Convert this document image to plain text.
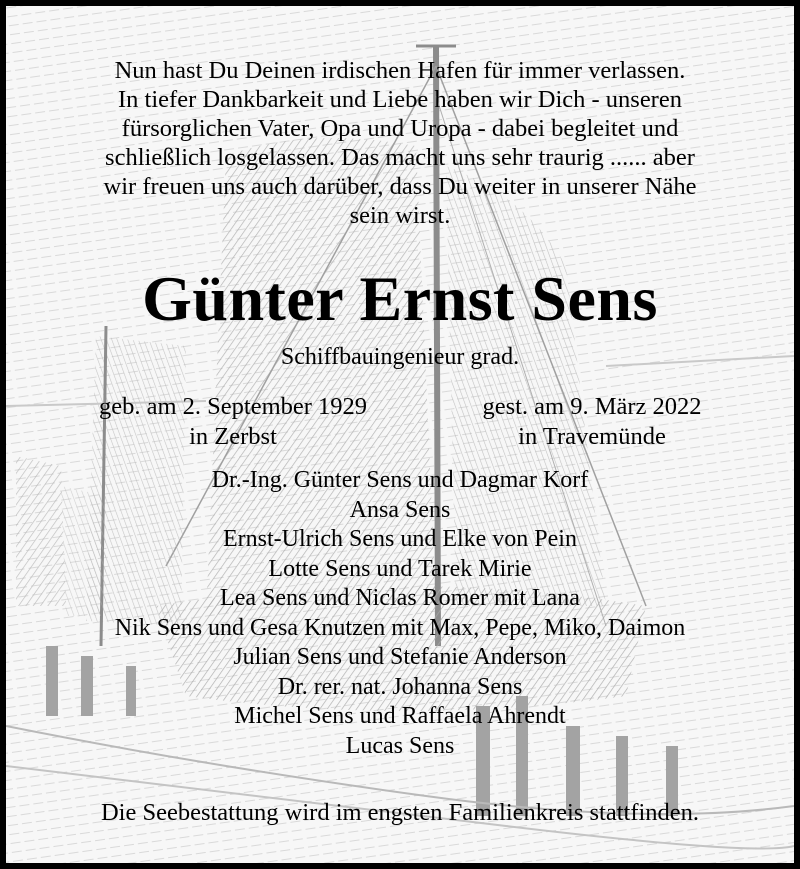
Nun hast Du Deinen irdischen Hafen für immer verlassen.
In tiefer Dankbarkeit und Liebe haben wir Dich - unseren
fürsorglichen Vater, Opa und Uropa - dabei begleitet und
schließlich losgelassen. Das macht uns sehr traurig ...... aber
wir freuen uns auch darüber, dass Du weiter in unserer Nähe
sein wirst.
Günter Ernst Sens
Schiffbauingenieur grad.
geb. am 2. September 1929
in Zerbst
gest. am 9. März 2022
in Travemünde
Dr.-Ing. Günter Sens und Dagmar Korf
Ansa Sens
Ernst-Ulrich Sens und Elke von Pein
Lotte Sens und Tarek Mirie
Lea Sens und Niclas Romer mit Lana
Nik Sens und Gesa Knutzen mit Max, Pepe, Miko, Daimon
Julian Sens und Stefanie Anderson
Dr. rer. nat. Johanna Sens
Michel Sens und Raffaela Ahrendt
Lucas Sens
Die Seebestattung wird im engsten Familienkreis stattfinden.
